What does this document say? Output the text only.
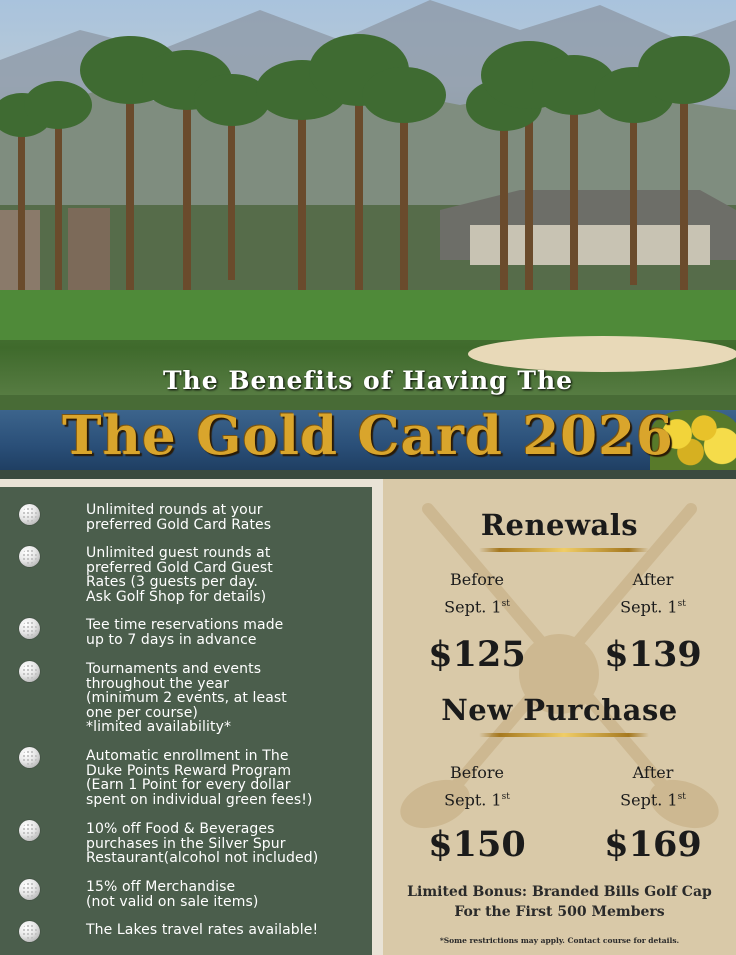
The Benefits of Having The
The Gold Card 2026
Unlimited rounds at your
preferred Gold Card Rates
Unlimited guest rounds at
preferred Gold Card Guest
Rates (3 guests per day.
Ask Golf Shop for details)
Tee time reservations made
up to 7 days in advance
Tournaments and events
throughout the year
(minimum 2 events, at least
one per course)
*limited availability*
Automatic enrollment in The
Duke Points Reward Program
(Earn 1 Point for every dollar
spent on individual green fees!)
10% off Food & Beverages
purchases in the Silver Spur
Restaurant(alcohol not included)
15% off Merchandise
(not valid on sale items)
The Lakes travel rates available!
Renewals
Before
Sept. 1st
After
Sept. 1st
$125	$139
New Purchase
Before
Sept. 1st
After
Sept. 1st
$150	$169
Limited Bonus: Branded Bills Golf Cap
For the First 500 Members
*Some restrictions may apply. Contact course for details.
